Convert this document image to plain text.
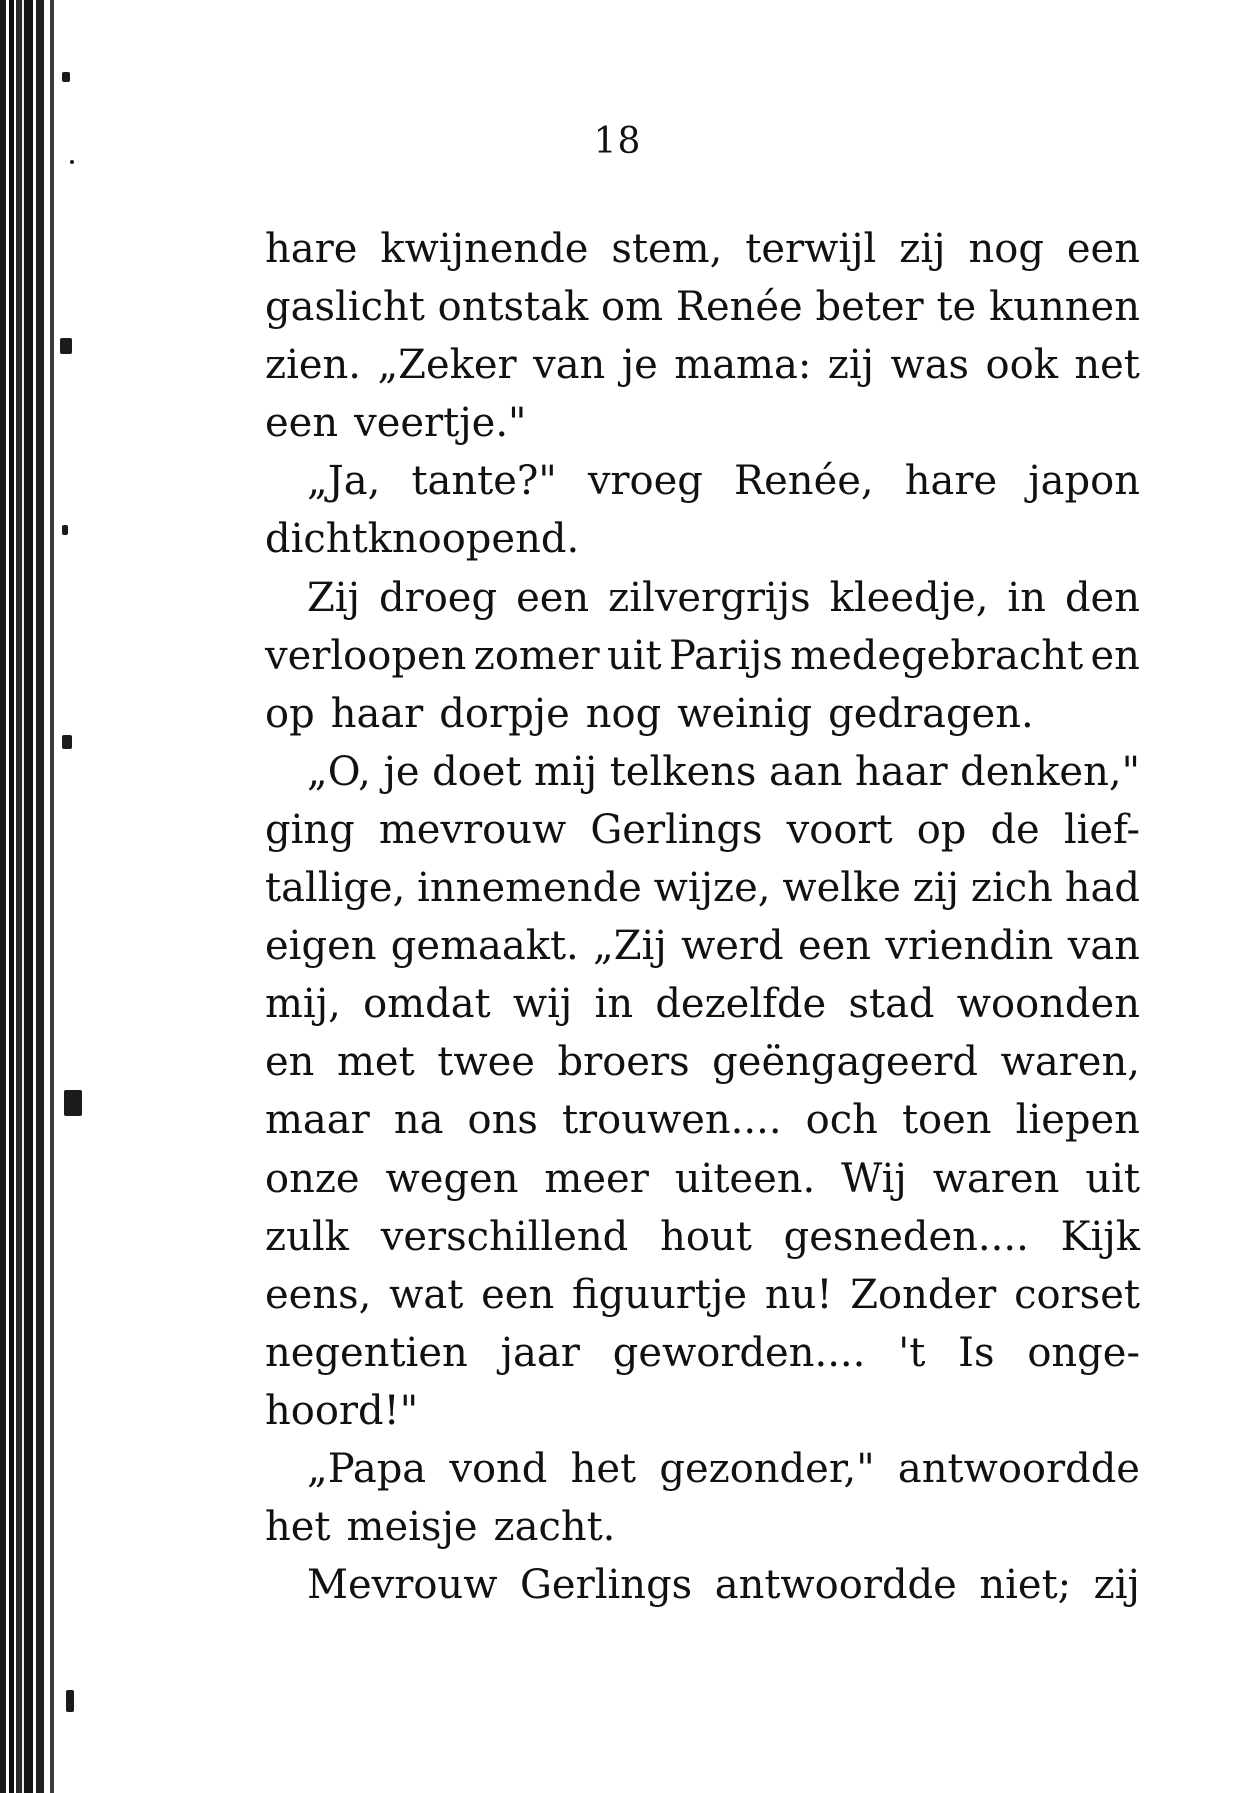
18
hare kwijnende stem, terwijl zij nog een
gaslicht ontstak om Renée beter te kunnen
zien. „Zeker van je mama: zij was ook net
een veertje."
„Ja, tante?" vroeg Renée, hare japon
dichtknoopend.
Zij droeg een zilvergrijs kleedje, in den
verloopen zomer uit Parijs medegebracht en
op haar dorpje nog weinig gedragen.
„O, je doet mij telkens aan haar denken,"
ging mevrouw Gerlings voort op de lief-
tallige, innemende wijze, welke zij zich had
eigen gemaakt. „Zij werd een vriendin van
mij, omdat wij in dezelfde stad woonden
en met twee broers geëngageerd waren,
maar na ons trouwen.... och toen liepen
onze wegen meer uiteen. Wij waren uit
zulk verschillend hout gesneden.... Kijk
eens, wat een figuurtje nu! Zonder corset
negentien jaar geworden.... 't Is onge-
hoord!"
„Papa vond het gezonder," antwoordde
het meisje zacht.
Mevrouw Gerlings antwoordde niet; zij
